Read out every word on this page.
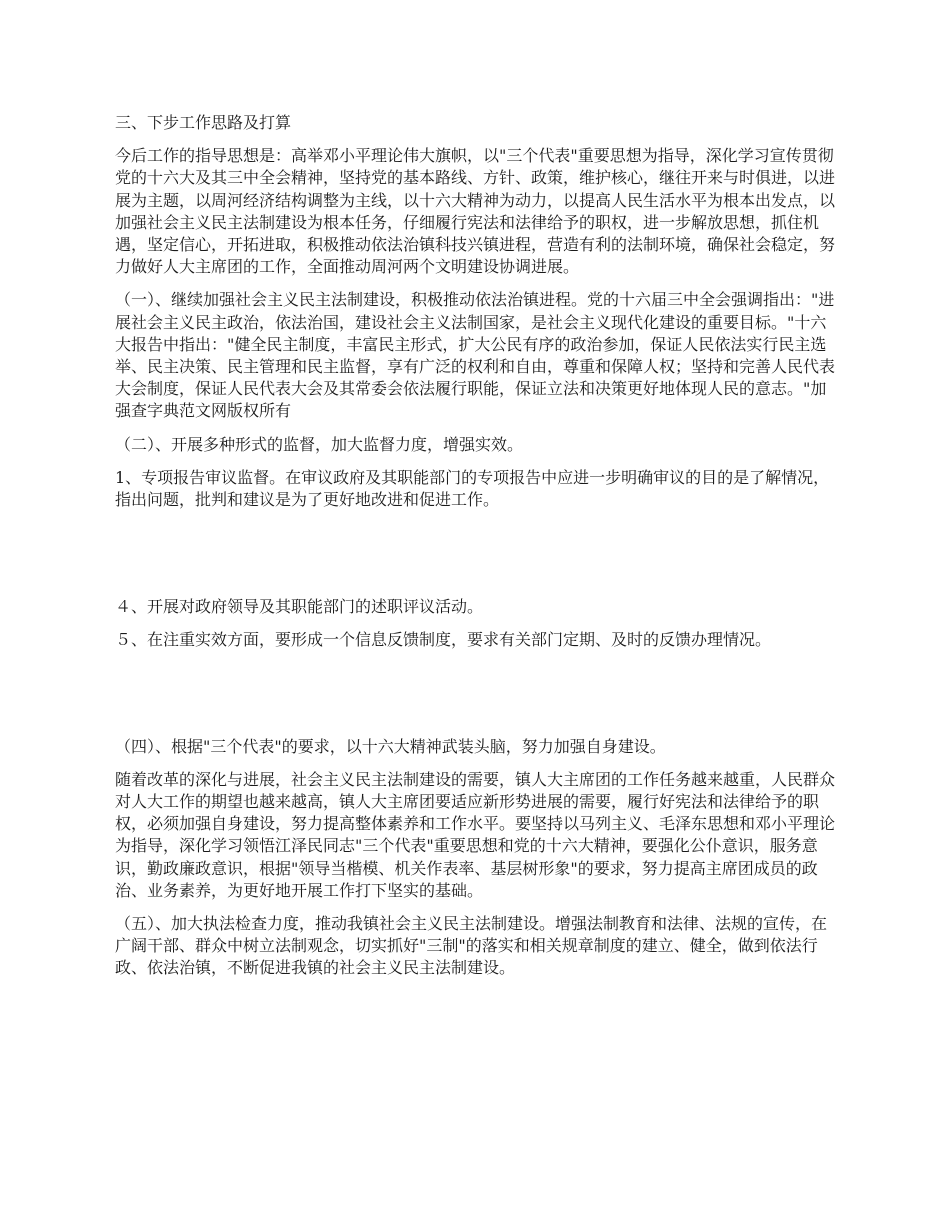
三、下步工作思路及打算

今后工作的指导思想是：高举邓小平理论伟大旗帜，以"三个代表"重要思想为指导，深化学习宣传贯彻党的十六大及其三中全会精神，坚持党的基本路线、方针、政策，维护核心，继往开来与时俱进，以进展为主题，以周河经济结构调整为主线，以十六大精神为动力，以提高人民生活水平为根本出发点，以加强社会主义民主法制建设为根本任务，仔细履行宪法和法律给予的职权，进一步解放思想，抓住机遇，坚定信心，开拓进取，积极推动依法治镇科技兴镇进程，营造有利的法制环境，确保社会稳定，努力做好人大主席团的工作，全面推动周河两个文明建设协调进展。

（一）、继续加强社会主义民主法制建设，积极推动依法治镇进程。党的十六届三中全会强调指出："进展社会主义民主政治，依法治国，建设社会主义法制国家，是社会主义现代化建设的重要目标。"十六大报告中指出："健全民主制度，丰富民主形式，扩大公民有序的政治参加，保证人民依法实行民主选举、民主决策、民主管理和民主监督，享有广泛的权利和自由，尊重和保障人权；坚持和完善人民代表大会制度，保证人民代表大会及其常委会依法履行职能，保证立法和决策更好地体现人民的意志。"加强查字典范文网版权所有

（二）、开展多种形式的监督，加大监督力度，增强实效。

1、专项报告审议监督。在审议政府及其职能部门的专项报告中应进一步明确审议的目的是了解情况，指出问题，批判和建议是为了更好地改进和促进工作。

４、开展对政府领导及其职能部门的述职评议活动。

５、在注重实效方面，要形成一个信息反馈制度，要求有关部门定期、及时的反馈办理情况。

（四）、根据"三个代表"的要求，以十六大精神武装头脑，努力加强自身建设。

随着改革的深化与进展，社会主义民主法制建设的需要，镇人大主席团的工作任务越来越重，人民群众对人大工作的期望也越来越高，镇人大主席团要适应新形势进展的需要，履行好宪法和法律给予的职权，必须加强自身建设，努力提高整体素养和工作水平。要坚持以马列主义、毛泽东思想和邓小平理论为指导，深化学习领悟江泽民同志"三个代表"重要思想和党的十六大精神，要强化公仆意识，服务意识，勤政廉政意识，根据"领导当楷模、机关作表率、基层树形象"的要求，努力提高主席团成员的政治、业务素养，为更好地开展工作打下坚实的基础。

（五）、加大执法检查力度，推动我镇社会主义民主法制建设。增强法制教育和法律、法规的宣传，在广阔干部、群众中树立法制观念，切实抓好"三制"的落实和相关规章制度的建立、健全，做到依法行政、依法治镇，不断促进我镇的社会主义民主法制建设。
